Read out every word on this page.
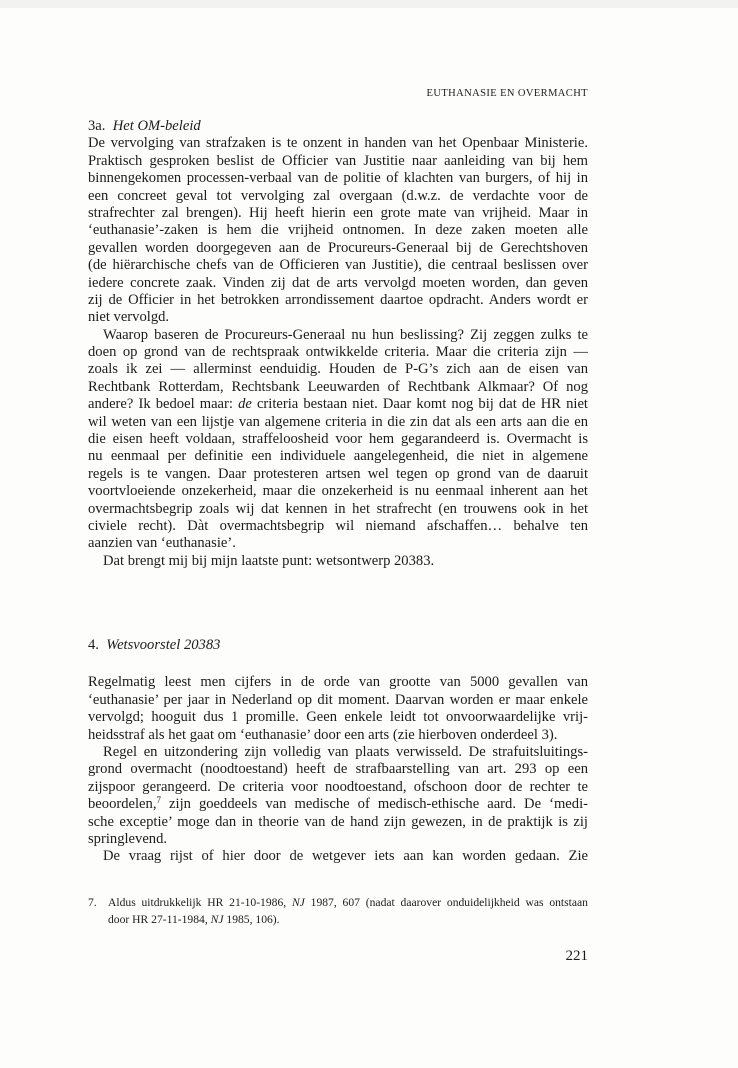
EUTHANASIE EN OVERMACHT
3a. Het OM-beleid
De vervolging van strafzaken is te onzent in handen van het Openbaar Ministerie.
Praktisch gesproken beslist de Officier van Justitie naar aanleiding van bij hem
binnengekomen processen-verbaal van de politie of klachten van burgers, of hij in
een concreet geval tot vervolging zal overgaan (d.w.z. de verdachte voor de
strafrechter zal brengen). Hij heeft hierin een grote mate van vrijheid. Maar in
‘euthanasie’-zaken is hem die vrijheid ontnomen. In deze zaken moeten alle
gevallen worden doorgegeven aan de Procureurs-Generaal bij de Gerechtshoven
(de hiërarchische chefs van de Officieren van Justitie), die centraal beslissen over
iedere concrete zaak. Vinden zij dat de arts vervolgd moeten worden, dan geven
zij de Officier in het betrokken arrondissement daartoe opdracht. Anders wordt er
niet vervolgd.
Waarop baseren de Procureurs-Generaal nu hun beslissing? Zij zeggen zulks te
doen op grond van de rechtspraak ontwikkelde criteria. Maar die criteria zijn —
zoals ik zei — allerminst eenduidig. Houden de P-G’s zich aan de eisen van
Rechtbank Rotterdam, Rechtsbank Leeuwarden of Rechtbank Alkmaar? Of nog
andere? Ik bedoel maar: de criteria bestaan niet. Daar komt nog bij dat de HR niet
wil weten van een lijstje van algemene criteria in die zin dat als een arts aan die en
die eisen heeft voldaan, straffeloosheid voor hem gegarandeerd is. Overmacht is
nu eenmaal per definitie een individuele aangelegenheid, die niet in algemene
regels is te vangen. Daar protesteren artsen wel tegen op grond van de daaruit
voortvloeiende onzekerheid, maar die onzekerheid is nu eenmaal inherent aan het
overmachtsbegrip zoals wij dat kennen in het strafrecht (en trouwens ook in het
civiele recht). Dàt overmachtsbegrip wil niemand afschaffen… behalve ten
aanzien van ‘euthanasie’.
Dat brengt mij bij mijn laatste punt: wetsontwerp 20383.
4. Wetsvoorstel 20383
Regelmatig leest men cijfers in de orde van grootte van 5000 gevallen van
‘euthanasie’ per jaar in Nederland op dit moment. Daarvan worden er maar enkele
vervolgd; hooguit dus 1 promille. Geen enkele leidt tot onvoorwaardelijke vrij-
heidsstraf als het gaat om ‘euthanasie’ door een arts (zie hierboven onderdeel 3).
Regel en uitzondering zijn volledig van plaats verwisseld. De strafuitsluitings-
grond overmacht (noodtoestand) heeft de strafbaarstelling van art. 293 op een
zijspoor gerangeerd. De criteria voor noodtoestand, ofschoon door de rechter te
beoordelen,$^7$ zijn goeddeels van medische of medisch-ethische aard. De ‘medi-
sche exceptie’ moge dan in theorie van de hand zijn gewezen, in de praktijk is zij
springlevend.
De vraag rijst of hier door de wetgever iets aan kan worden gedaan. Zie
7. Aldus uitdrukkelijk HR 21-10-1986, NJ 1987, 607 (nadat daarover onduidelijkheid was ontstaan
door HR 27-11-1984, NJ 1985, 106).
221
